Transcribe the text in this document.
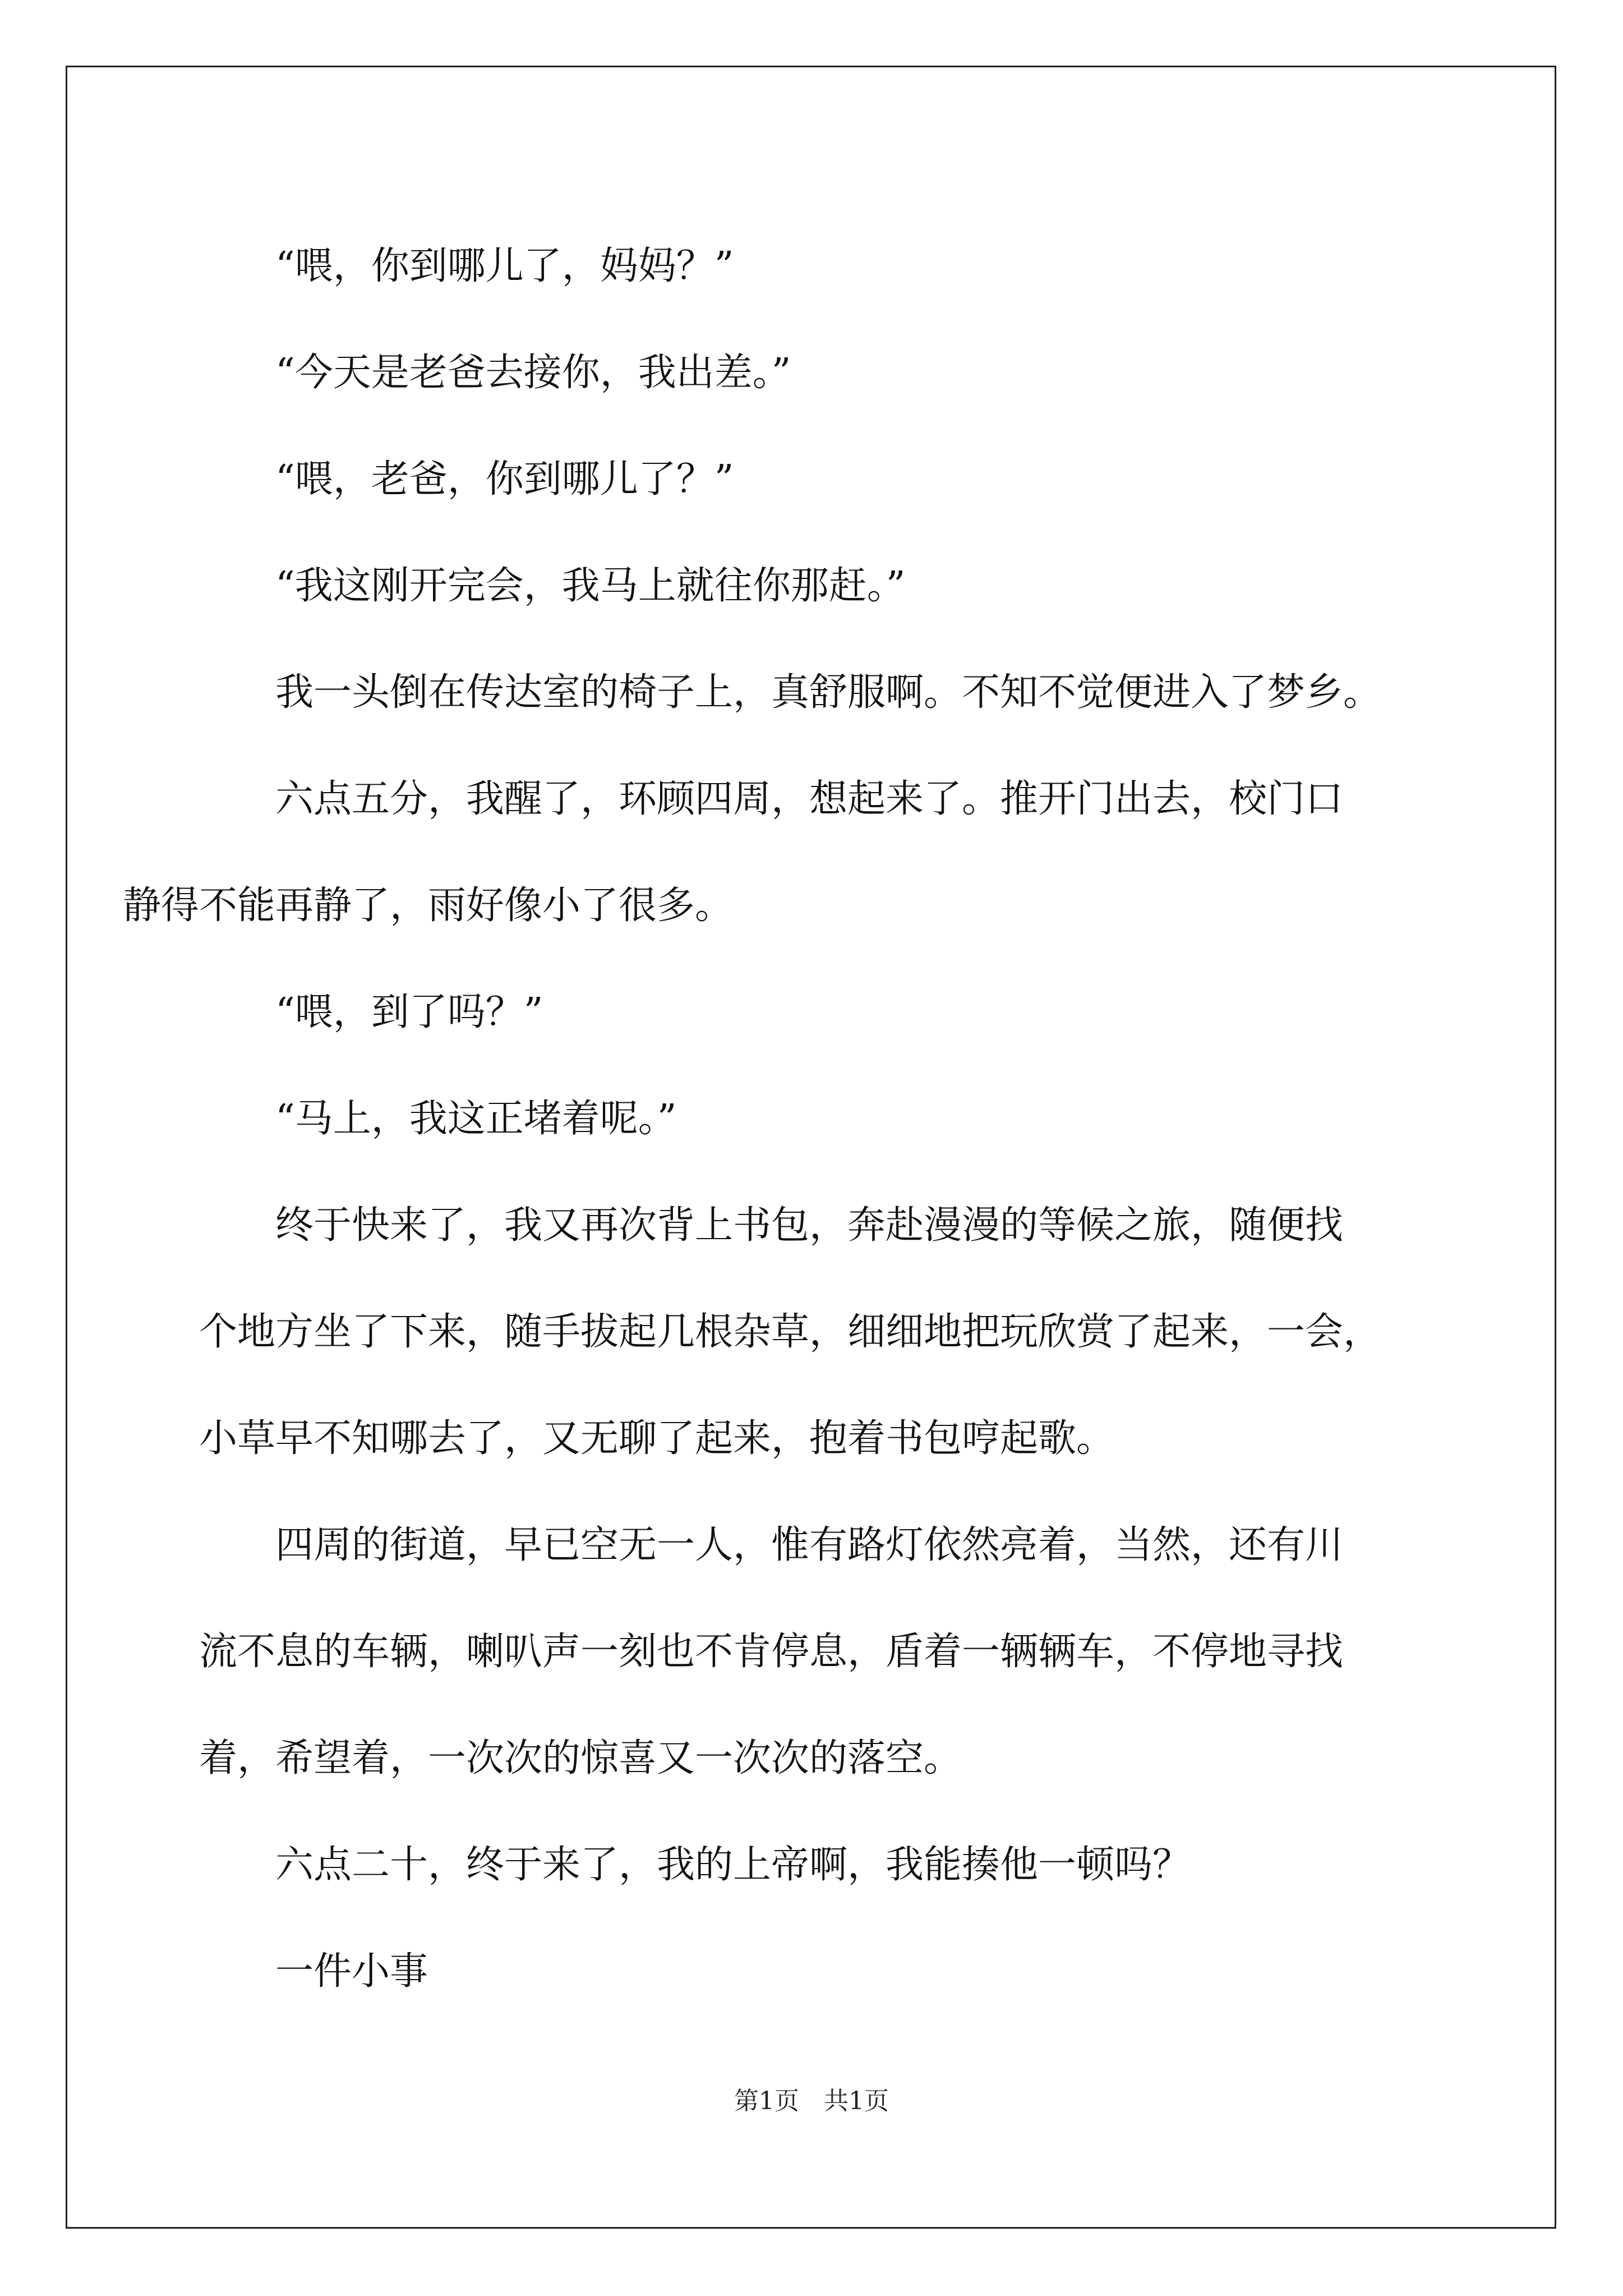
“喂，你到哪儿了，妈妈？”

“今天是老爸去接你，我出差。”

“喂，老爸，你到哪儿了？”

“我这刚开完会，我马上就往你那赶。”

我一头倒在传达室的椅子上，真舒服啊。不知不觉便进入了梦乡。

六点五分，我醒了，环顾四周，想起来了。推开门出去，校门口
静得不能再静了，雨好像小了很多。

“喂，到了吗？”

“马上，我这正堵着呢。”

终于快来了，我又再次背上书包，奔赴漫漫的等候之旅，随便找
个地方坐了下来，随手拔起几根杂草，细细地把玩欣赏了起来，一会，
小草早不知哪去了，又无聊了起来，抱着书包哼起歌。

四周的街道，早已空无一人，惟有路灯依然亮着，当然，还有川
流不息的车辆，喇叭声一刻也不肯停息，盾着一辆辆车，不停地寻找
着，希望着，一次次的惊喜又一次次的落空。

六点二十，终于来了，我的上帝啊，我能揍他一顿吗？

一件小事

第1页　共1页
